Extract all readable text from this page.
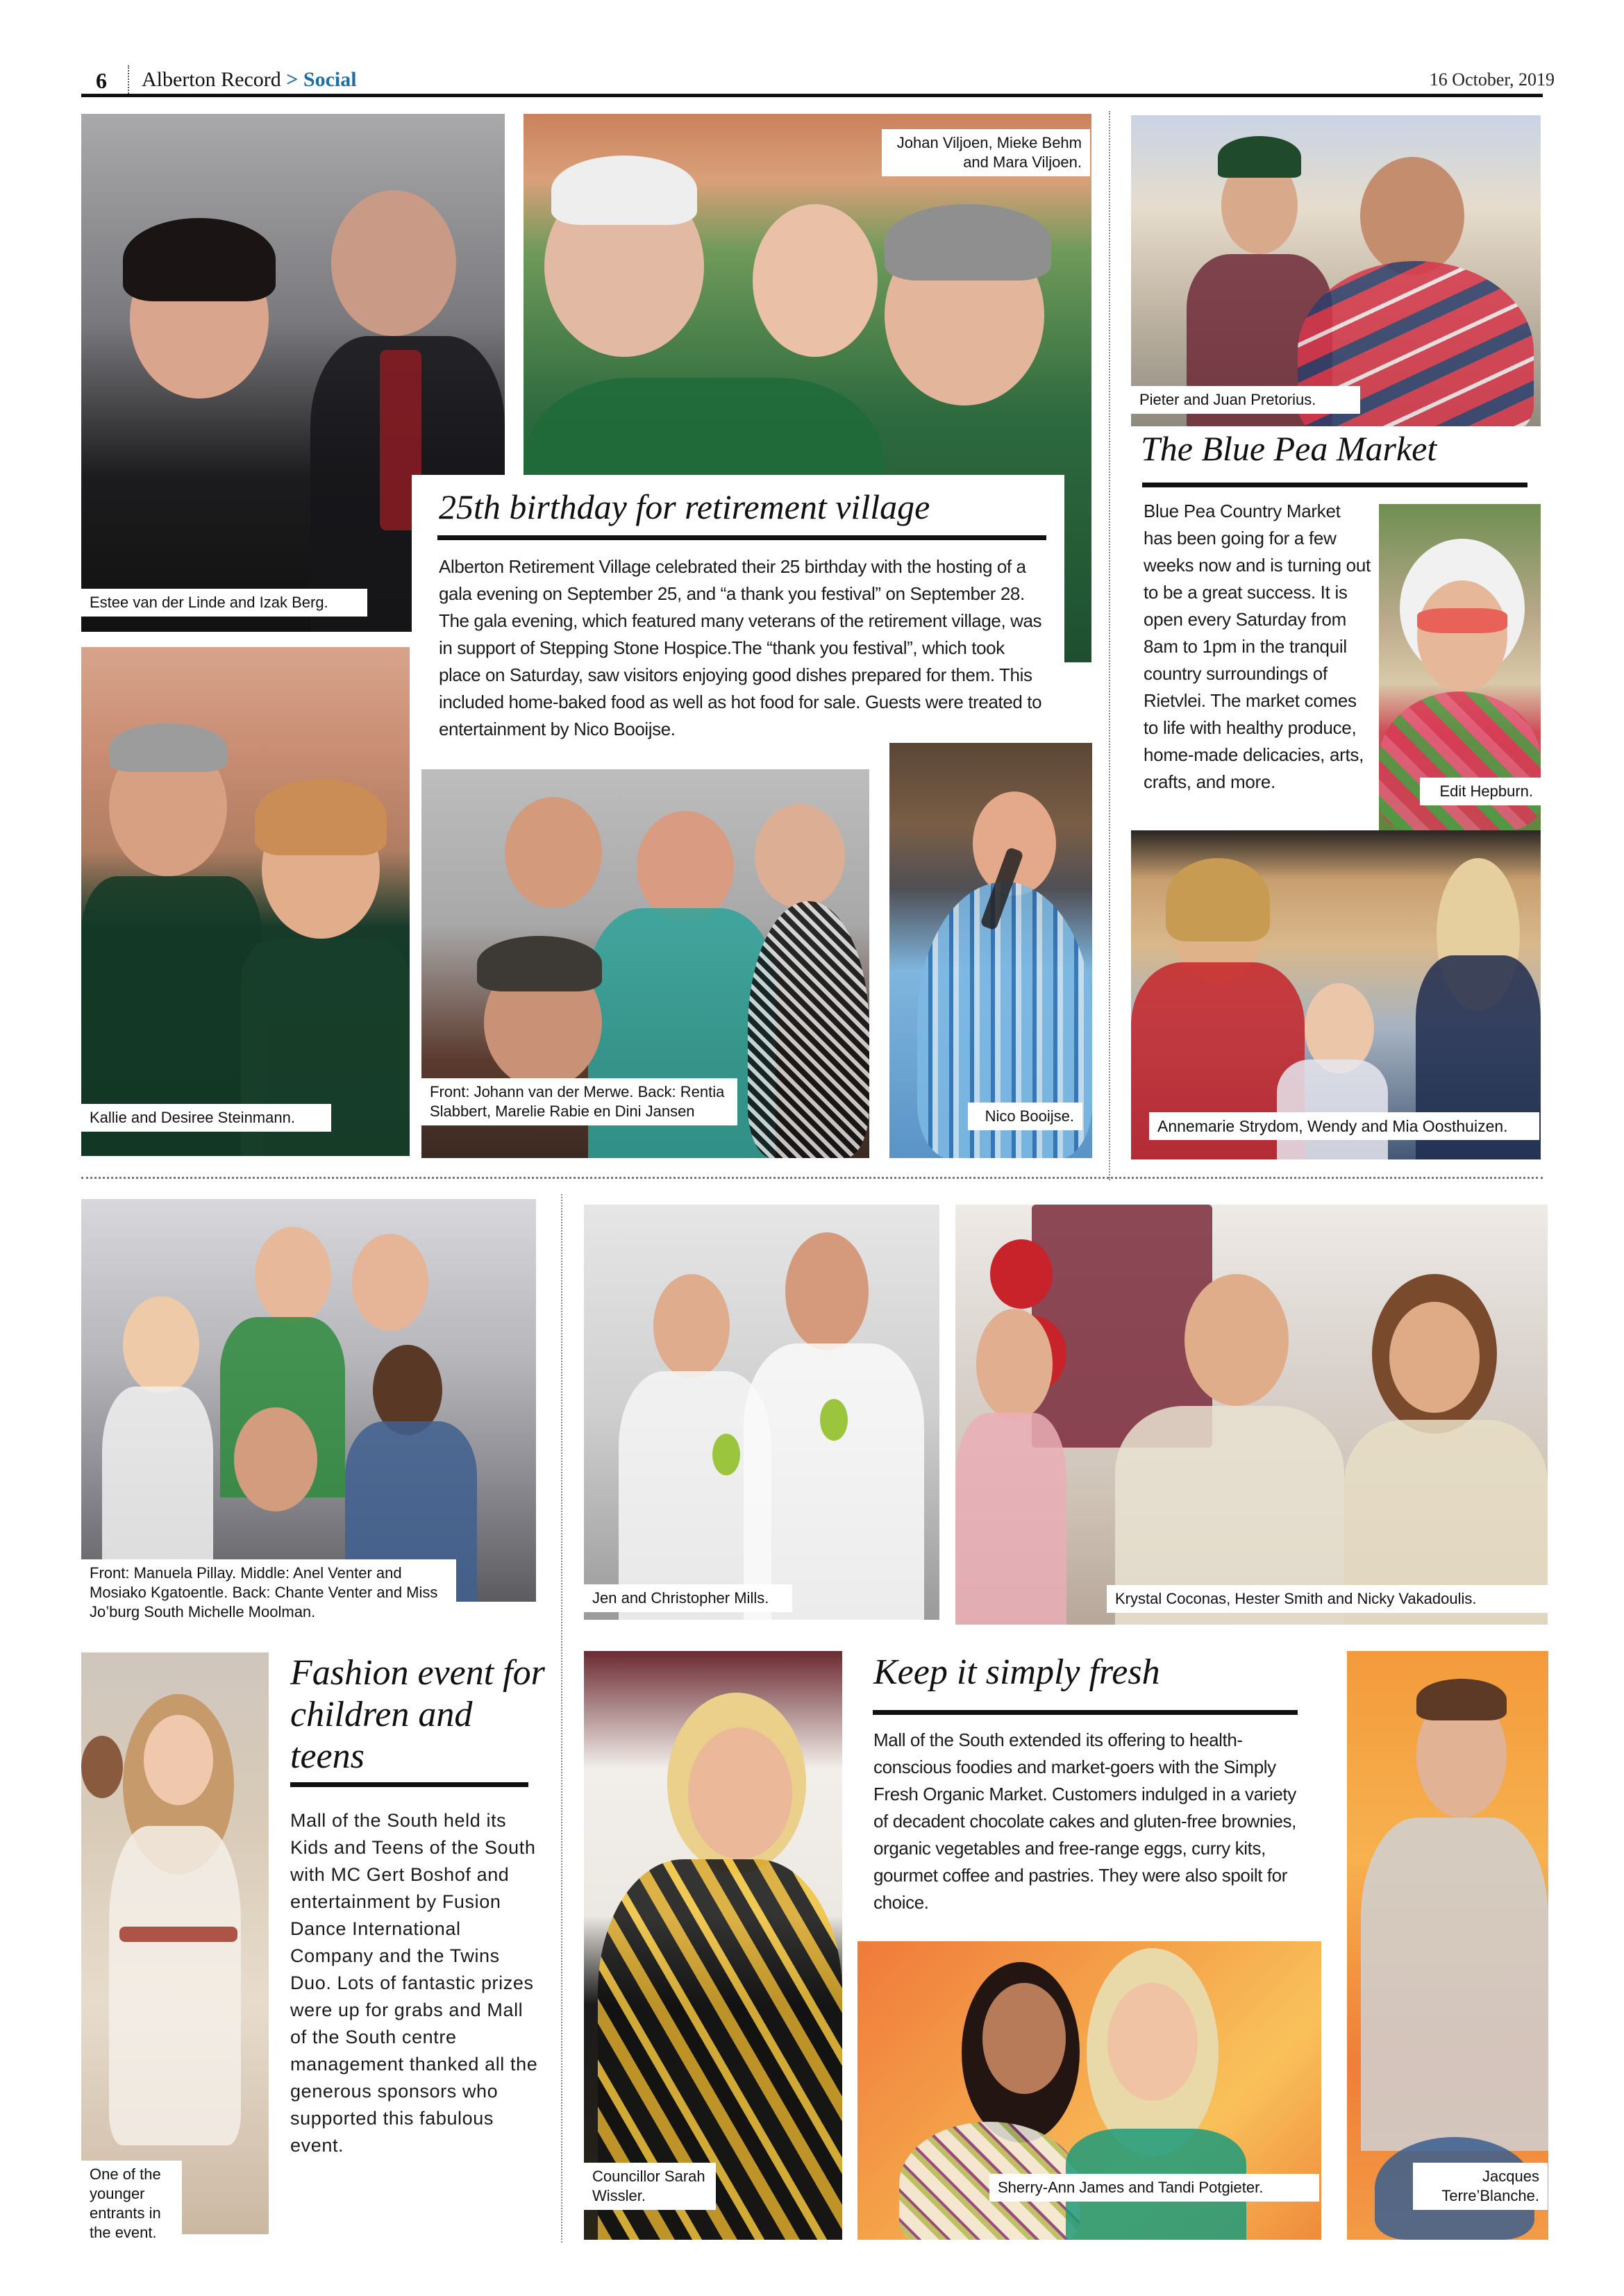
6 Alberton Record > Social	16 October, 2019
Estee van der Linde and Izak Berg.
Johan Viljoen, Mieke Behm and Mara Viljoen.
Pieter and Juan Pretorius.
The Blue Pea Market
Blue Pea Country Market has been going for a few weeks now and is turning out to be a great success. It is open every Saturday from 8am to 1pm in the tranquil country surroundings of Rietvlei. The market comes to life with healthy produce, home-made delicacies, arts, crafts, and more.	Edit Hepburn.
Annemarie Strydom, Wendy and Mia Oosthuizen.
Kallie and Desiree Steinmann.
25th birthday for retirement village
Alberton Retirement Village celebrated their 25 birthday with the hosting of a gala evening on September 25, and “a thank you festival” on September 28. The gala evening, which featured many veterans of the retirement village, was in support of Stepping Stone Hospice.The “thank you festival”, which took place on Saturday, saw visitors enjoying good dishes prepared for them. This included home-baked food as well as hot food for sale. Guests were treated to entertainment by Nico Booijse.
Front: Johann van der Merwe. Back: Rentia Slabbert, Marelie Rabie en Dini Jansen	Nico Booijse.
Front: Manuela Pillay. Middle: Anel Venter and Mosiako Kgatoentle. Back: Chante Venter and Miss Jo’burg South Michelle Moolman.
Jen and Christopher Mills.	Krystal Coconas, Hester Smith and Nicky Vakadoulis.
One of the younger entrants in the event.
Fashion event for children and teens
Mall of the South held its Kids and Teens of the South with MC Gert Boshof and entertainment by Fusion Dance International Company and the Twins Duo. Lots of fantastic prizes were up for grabs and Mall of the South centre management thanked all the generous sponsors who supported this fabulous event.
Councillor Sarah Wissler.
Keep it simply fresh
Mall of the South extended its offering to health-conscious foodies and market-goers with the Simply Fresh Organic Market. Customers indulged in a variety of decadent chocolate cakes and gluten-free brownies, organic vegetables and free-range eggs, curry kits, gourmet coffee and pastries. They were also spoilt for choice.
Sherry-Ann James and Tandi Potgieter.
Jacques Terre’Blanche.
